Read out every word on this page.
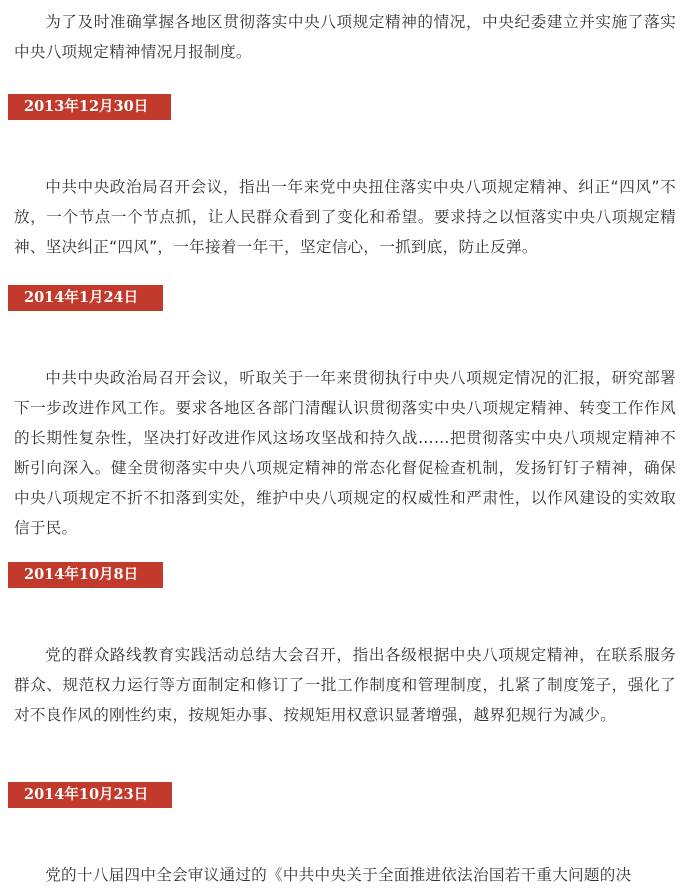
为了及时准确掌握各地区贯彻落实中央八项规定精神的情况，中央纪委建立并实施了落实中央八项规定精神情况月报制度。

2013年12月30日

中共中央政治局召开会议，指出一年来党中央扭住落实中央八项规定精神、纠正“四风”不放，一个节点一个节点抓，让人民群众看到了变化和希望。要求持之以恒落实中央八项规定精神、坚决纠正“四风”，一年接着一年干，坚定信心，一抓到底，防止反弹。

2014年1月24日

中共中央政治局召开会议，听取关于一年来贯彻执行中央八项规定情况的汇报，研究部署下一步改进作风工作。要求各地区各部门清醒认识贯彻落实中央八项规定精神、转变工作作风的长期性复杂性，坚决打好改进作风这场攻坚战和持久战……把贯彻落实中央八项规定精神不断引向深入。健全贯彻落实中央八项规定精神的常态化督促检查机制，发扬钉钉子精神，确保中央八项规定不折不扣落到实处，维护中央八项规定的权威性和严肃性，以作风建设的实效取信于民。

2014年10月8日

党的群众路线教育实践活动总结大会召开，指出各级根据中央八项规定精神，在联系服务群众、规范权力运行等方面制定和修订了一批工作制度和管理制度，扎紧了制度笼子，强化了对不良作风的刚性约束，按规矩办事、按规矩用权意识显著增强，越界犯规行为减少。

2014年10月23日

党的十八届四中全会审议通过的《中共中央关于全面推进依法治国若干重大问题的决
